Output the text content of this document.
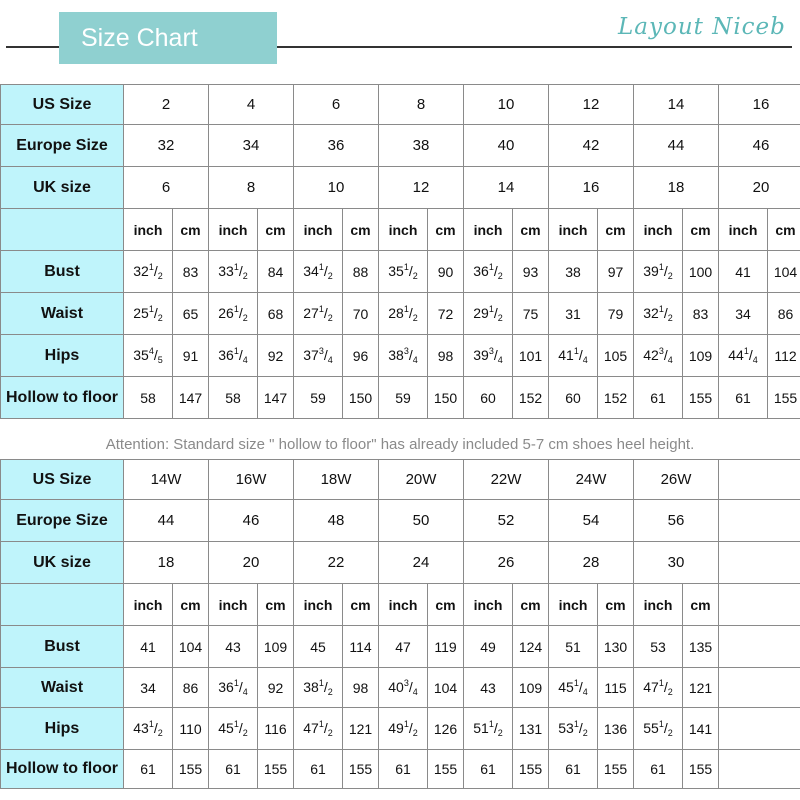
Size Chart	Layout Niceb
US Size	2		4		6		8		10		12		14		16	
Europe Size	32		34		36		38		40		42		44		46	
UK size	6		8		10		12		14		16		18		20	
	inch	cm	inch	cm	inch	cm	inch	cm	inch	cm	inch	cm	inch	cm	inch	cm
Bust	$32^1/_2$	83	$33^1/_2$	84	$34^1/_2$	88	$35^1/_2$	90	$36^1/_2$	93	38	97	$39^1/_2$	100	41	104
Waist	$25^1/_2$	65	$26^1/_2$	68	$27^1/_2$	70	$28^1/_2$	72	$29^1/_2$	75	31	79	$32^1/_2$	83	34	86
Hips	$35^4/_5$	91	$36^1/_4$	92	$37^3/_4$	96	$38^3/_4$	98	$39^3/_4$	101	$41^1/_4$	105	$42^3/_4$	109	$44^1/_4$	112
Hollow to floor	58	147	58	147	59	150	59	150	60	152	60	152	61	155	61	155
Attention: Standard size " hollow to floor" has already included 5-7 cm shoes heel height.
US Size	14W		16W		18W		20W		22W		24W		26W		
Europe Size	44		46		48		50		52		54		56		
UK size	18		20		22		24		26		28		30		
	inch	cm	inch	cm	inch	cm	inch	cm	inch	cm	inch	cm	inch	cm	
Bust	41	104	43	109	45	114	47	119	49	124	51	130	53	135	
Waist	34	86	$36^1/_4$	92	$38^1/_2$	98	$40^3/_4$	104	43	109	$45^1/_4$	115	$47^1/_2$	121	
Hips	$43^1/_2$	110	$45^1/_2$	116	$47^1/_2$	121	$49^1/_2$	126	$51^1/_2$	131	$53^1/_2$	136	$55^1/_2$	141	
Hollow to floor	61	155	61	155	61	155	61	155	61	155	61	155	61	155	
